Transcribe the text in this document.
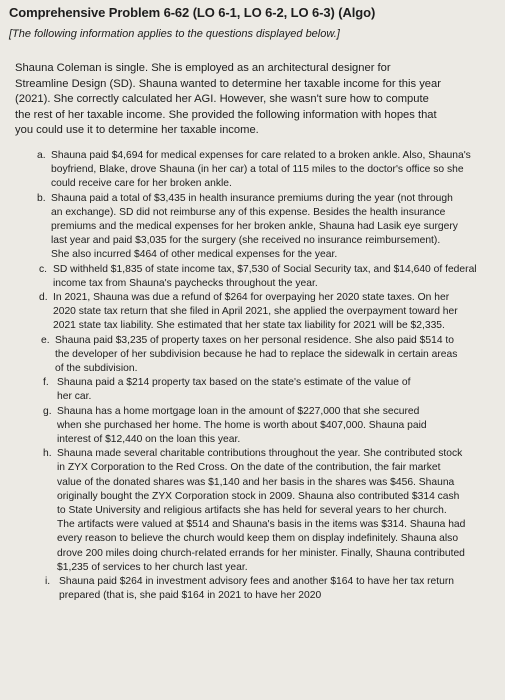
Comprehensive Problem 6-62 (LO 6-1, LO 6-2, LO 6-3) (Algo)

[The following information applies to the questions displayed below.]

Shauna Coleman is single. She is employed as an architectural designer for Streamline Design (SD). Shauna wanted to determine her taxable income for this year (2021). She correctly calculated her AGI. However, she wasn't sure how to compute the rest of her taxable income. She provided the following information with hopes that you could use it to determine her taxable income.

a. Shauna paid $4,694 for medical expenses for care related to a broken ankle. Also, Shauna's boyfriend, Blake, drove Shauna (in her car) a total of 115 miles to the doctor's office so she could receive care for her broken ankle.
b. Shauna paid a total of $3,435 in health insurance premiums during the year (not through an exchange). SD did not reimburse any of this expense. Besides the health insurance premiums and the medical expenses for her broken ankle, Shauna had Lasik eye surgery last year and paid $3,035 for the surgery (she received no insurance reimbursement). She also incurred $464 of other medical expenses for the year.
c. SD withheld $1,835 of state income tax, $7,530 of Social Security tax, and $14,640 of federal income tax from Shauna's paychecks throughout the year.
d. In 2021, Shauna was due a refund of $264 for overpaying her 2020 state taxes. On her 2020 state tax return that she filed in April 2021, she applied the overpayment toward her 2021 state tax liability. She estimated that her state tax liability for 2021 will be $2,335.
e. Shauna paid $3,235 of property taxes on her personal residence. She also paid $514 to the developer of her subdivision because he had to replace the sidewalk in certain areas of the subdivision.
f. Shauna paid a $214 property tax based on the state's estimate of the value of her car.
g. Shauna has a home mortgage loan in the amount of $227,000 that she secured when she purchased her home. The home is worth about $407,000. Shauna paid interest of $12,440 on the loan this year.
h. Shauna made several charitable contributions throughout the year. She contributed stock in ZYX Corporation to the Red Cross. On the date of the contribution, the fair market value of the donated shares was $1,140 and her basis in the shares was $456. Shauna originally bought the ZYX Corporation stock in 2009. Shauna also contributed $314 cash to State University and religious artifacts she has held for several years to her church. The artifacts were valued at $514 and Shauna's basis in the items was $314. Shauna had every reason to believe the church would keep them on display indefinitely. Shauna also drove 200 miles doing church-related errands for her minister. Finally, Shauna contributed $1,235 of services to her church last year.
i. Shauna paid $264 in investment advisory fees and another $164 to have her tax return prepared (that is, she paid $164 in 2021 to have her 2020
